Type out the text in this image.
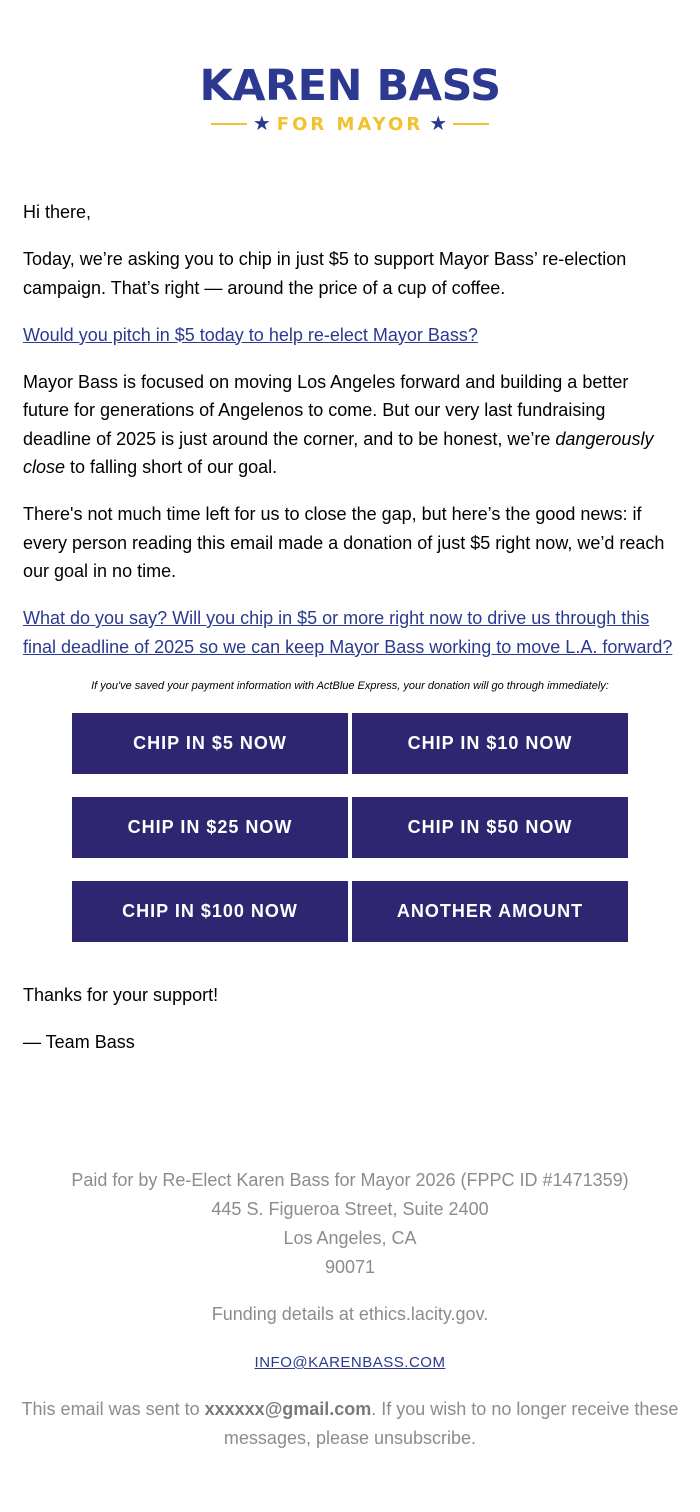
KAREN BASS
★ FOR MAYOR ★

Hi there,

Today, we’re asking you to chip in just $5 to support Mayor Bass’ re-election campaign. That’s right — around the price of a cup of coffee.

Would you pitch in $5 today to help re-elect Mayor Bass?

Mayor Bass is focused on moving Los Angeles forward and building a better future for generations of Angelenos to come. But our very last fundraising deadline of 2025 is just around the corner, and to be honest, we’re dangerously close to falling short of our goal.

There's not much time left for us to close the gap, but here’s the good news: if every person reading this email made a donation of just $5 right now, we’d reach our goal in no time.

What do you say? Will you chip in $5 or more right now to drive us through this final deadline of 2025 so we can keep Mayor Bass working to move L.A. forward?

If you've saved your payment information with ActBlue Express, your donation will go through immediately:
CHIP IN $5 NOW	CHIP IN $10 NOW
CHIP IN $25 NOW	CHIP IN $50 NOW
CHIP IN $100 NOW	ANOTHER AMOUNT

Thanks for your support!

— Team Bass

Paid for by Re-Elect Karen Bass for Mayor 2026 (FPPC ID #1471359)

445 S. Figueroa Street, Suite 2400

Los Angeles, CA

90071

Funding details at ethics.lacity.gov.

INFO@KARENBASS.COM

This email was sent to xxxxxx@gmail.com. If you wish to no longer receive these messages, please unsubscribe.
